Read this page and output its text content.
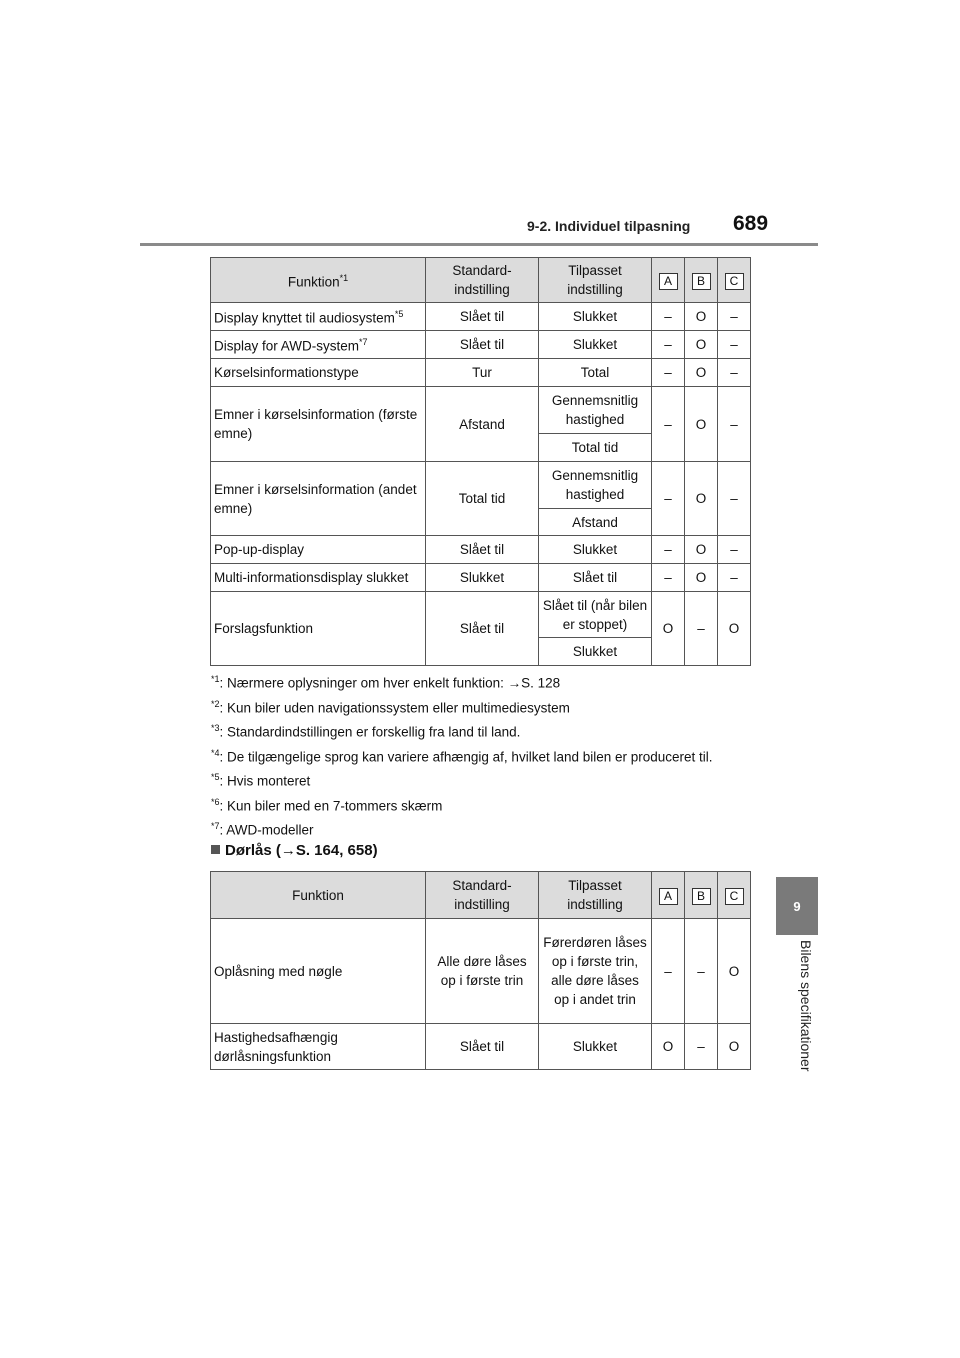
9-2. Individuel tilpasning 689
9
Bilens specifikationer
Funktion$^{*1}$	Standard-indstilling	Tilpasset indstilling	A	B	C
Display knyttet til audiosystem$^{*5}$	Slået til	Slukket	–	O	–
Display for AWD-system$^{*7}$	Slået til	Slukket	–	O	–
Kørselsinformationstype	Tur	Total	–	O	–
Emner i kørselsinformation (første emne)	Afstand	Gennemsnitlig hastighed	–	O	–
		Total tid			
Emner i kørselsinformation (andet emne)	Total tid	Gennemsnitlig hastighed	–	O	–
		Afstand			
Pop-up-display	Slået til	Slukket	–	O	–
Multi-informationsdisplay slukket	Slukket	Slået til	–	O	–
Forslagsfunktion	Slået til	Slået til (når bilen er stoppet)	O	–	O
		Slukket			
$^{*1}$: Nærmere oplysninger om hver enkelt funktion: →S. 128
$^{*2}$: Kun biler uden navigationssystem eller multimediesystem
$^{*3}$: Standardindstillingen er forskellig fra land til land.
$^{*4}$: De tilgængelige sprog kan variere afhængig af, hvilket land bilen er produceret til.
$^{*5}$: Hvis monteret
$^{*6}$: Kun biler med en 7-tommers skærm
$^{*7}$: AWD-modeller
Dørlås (→S. 164, 658)
Funktion	Standard-indstilling	Tilpasset indstilling	A	B	C
Oplåsning med nøgle	Alle døre låses op i første trin	Førerdøren låses op i første trin, alle døre låses op i andet trin	–	–	O
Hastighedsafhængig dørlåsningsfunktion	Slået til	Slukket	O	–	O
